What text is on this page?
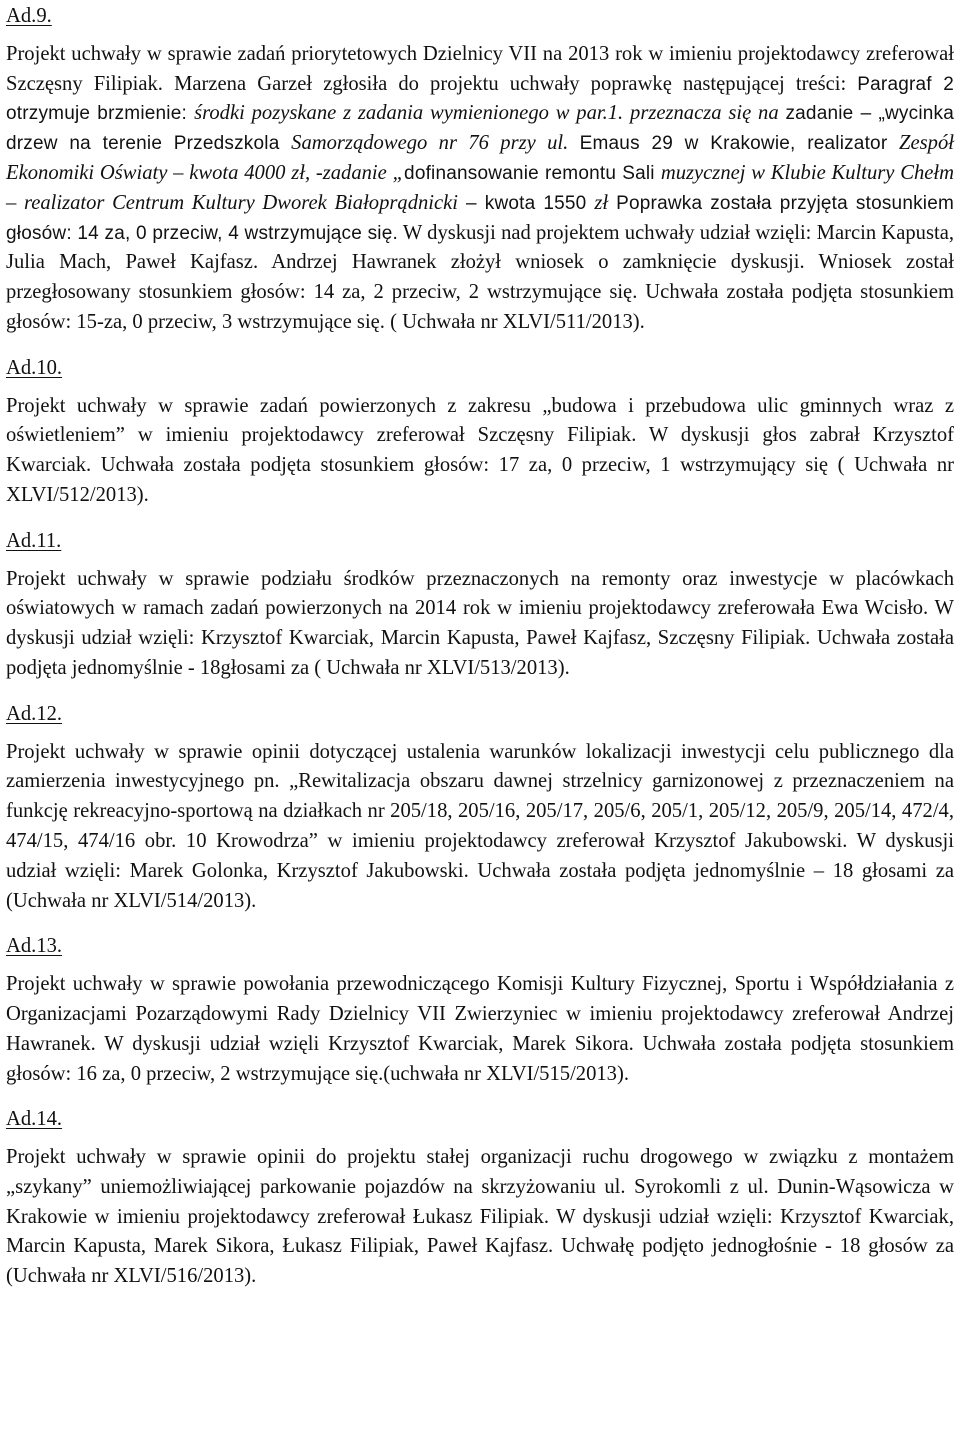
Ad.9.

Projekt uchwały w sprawie zadań priorytetowych Dzielnicy VII na 2013 rok w imieniu projektodawcy zreferował Szczęsny Filipiak. Marzena Garzeł zgłosiła do projektu uchwały poprawkę następującej treści: Paragraf 2 otrzymuje brzmienie: środki pozyskane z zadania wymienionego w par.1. przeznacza się na zadanie – „wycinka drzew na terenie Przedszkola Samorządowego nr 76 przy ul. Emaus 29 w Krakowie, realizator Zespół Ekonomiki Oświaty – kwota 4000 zł, -zadanie „dofinansowanie remontu Sali muzycznej w Klubie Kultury Chełm – realizator Centrum Kultury Dworek Białoprądnicki – kwota 1550 zł Poprawka została przyjęta stosunkiem głosów: 14 za, 0 przeciw, 4 wstrzymujące się. W dyskusji nad projektem uchwały udział wzięli: Marcin Kapusta, Julia Mach, Paweł Kajfasz. Andrzej Hawranek złożył wniosek o zamknięcie dyskusji. Wniosek został przegłosowany stosunkiem głosów: 14 za, 2 przeciw, 2 wstrzymujące się. Uchwała została podjęta stosunkiem głosów: 15-za, 0 przeciw, 3 wstrzymujące się. ( Uchwała nr XLVI/511/2013).

Ad.10.

Projekt uchwały w sprawie zadań powierzonych z zakresu „budowa i przebudowa ulic gminnych wraz z oświetleniem” w imieniu projektodawcy zreferował Szczęsny Filipiak. W dyskusji głos zabrał Krzysztof Kwarciak. Uchwała została podjęta stosunkiem głosów: 17 za, 0 przeciw, 1 wstrzymujący się ( Uchwała nr XLVI/512/2013).

Ad.11.

Projekt uchwały w sprawie podziału środków przeznaczonych na remonty oraz inwestycje w placówkach oświatowych w ramach zadań powierzonych na 2014 rok w imieniu projektodawcy zreferowała Ewa Wcisło. W dyskusji udział wzięli: Krzysztof Kwarciak, Marcin Kapusta, Paweł Kajfasz, Szczęsny Filipiak. Uchwała została podjęta jednomyślnie - 18głosami za ( Uchwała nr XLVI/513/2013).

Ad.12.

Projekt uchwały w sprawie opinii dotyczącej ustalenia warunków lokalizacji inwestycji celu publicznego dla zamierzenia inwestycyjnego pn. „Rewitalizacja obszaru dawnej strzelnicy garnizonowej z przeznaczeniem na funkcję rekreacyjno-sportową na działkach nr 205/18, 205/16, 205/17, 205/6, 205/1, 205/12, 205/9, 205/14, 472/4, 474/15, 474/16 obr. 10 Krowodrza” w imieniu projektodawcy zreferował Krzysztof Jakubowski. W dyskusji udział wzięli: Marek Golonka, Krzysztof Jakubowski. Uchwała została podjęta jednomyślnie – 18 głosami za (Uchwała nr XLVI/514/2013).

Ad.13.

Projekt uchwały w sprawie powołania przewodniczącego Komisji Kultury Fizycznej, Sportu i Współdziałania z Organizacjami Pozarządowymi Rady Dzielnicy VII Zwierzyniec w imieniu projektodawcy zreferował Andrzej Hawranek. W dyskusji udział wzięli Krzysztof Kwarciak, Marek Sikora. Uchwała została podjęta stosunkiem głosów: 16 za, 0 przeciw, 2 wstrzymujące się.(uchwała nr XLVI/515/2013).

Ad.14.

Projekt uchwały w sprawie opinii do projektu stałej organizacji ruchu drogowego w związku z montażem „szykany” uniemożliwiającej parkowanie pojazdów na skrzyżowaniu ul. Syrokomli z ul. Dunin-Wąsowicza w Krakowie w imieniu projektodawcy zreferował Łukasz Filipiak. W dyskusji udział wzięli: Krzysztof Kwarciak, Marcin Kapusta, Marek Sikora, Łukasz Filipiak, Paweł Kajfasz. Uchwałę podjęto jednogłośnie - 18 głosów za (Uchwała nr XLVI/516/2013).
